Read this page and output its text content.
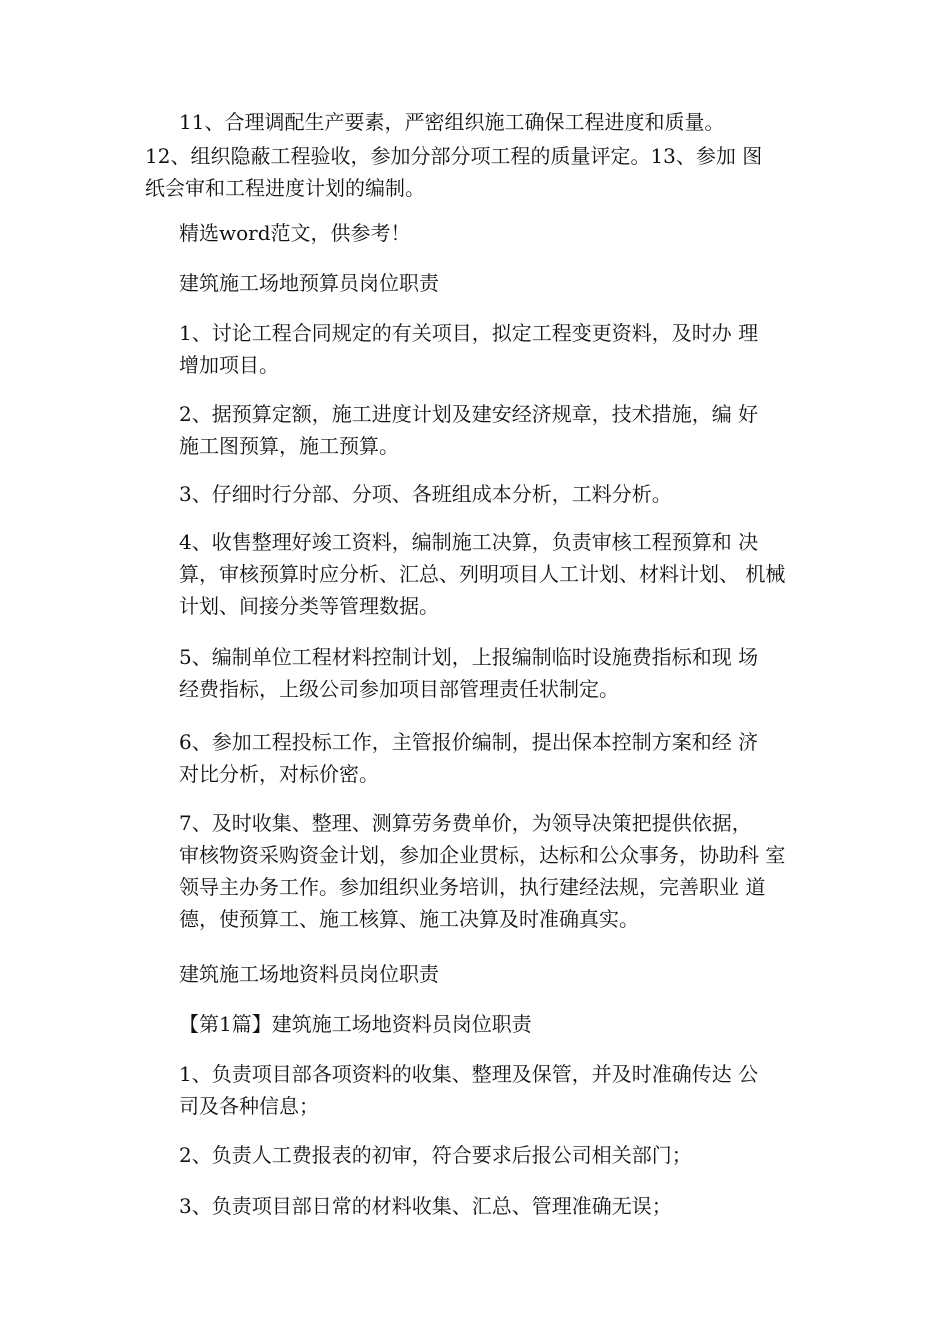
11、合理调配生产要素，严密组织施工确保工程进度和质量。

12、组织隐蔽工程验收，参加分部分项工程的质量评定。13、参加 图
纸会审和工程进度计划的编制。

精选word范文，供参考！

建筑施工场地预算员岗位职责

1、讨论工程合同规定的有关项目，拟定工程变更资料，及时办 理
增加项目。

2、据预算定额，施工进度计划及建安经济规章，技术措施，编 好
施工图预算，施工预算。

3、仔细时行分部、分项、各班组成本分析，工料分析。

4、收售整理好竣工资料，编制施工决算，负责审核工程预算和 决
算，审核预算时应分析、汇总、列明项目人工计划、材料计划、 机械
计划、间接分类等管理数据。

5、编制单位工程材料控制计划，上报编制临时设施费指标和现 场
经费指标，上级公司参加项目部管理责任状制定。

6、参加工程投标工作，主管报价编制，提出保本控制方案和经 济
对比分析，对标价密。

7、及时收集、整理、测算劳务费单价，为领导决策把提供依据，
审核物资采购资金计划，参加企业贯标，达标和公众事务，协助科 室
领导主办务工作。参加组织业务培训，执行建经法规，完善职业 道
德，使预算工、施工核算、施工决算及时准确真实。

建筑施工场地资料员岗位职责

【第1篇】建筑施工场地资料员岗位职责

1、负责项目部各项资料的收集、整理及保管，并及时准确传达 公
司及各种信息；

2、负责人工费报表的初审，符合要求后报公司相关部门；

3、负责项目部日常的材料收集、汇总、管理准确无误；
